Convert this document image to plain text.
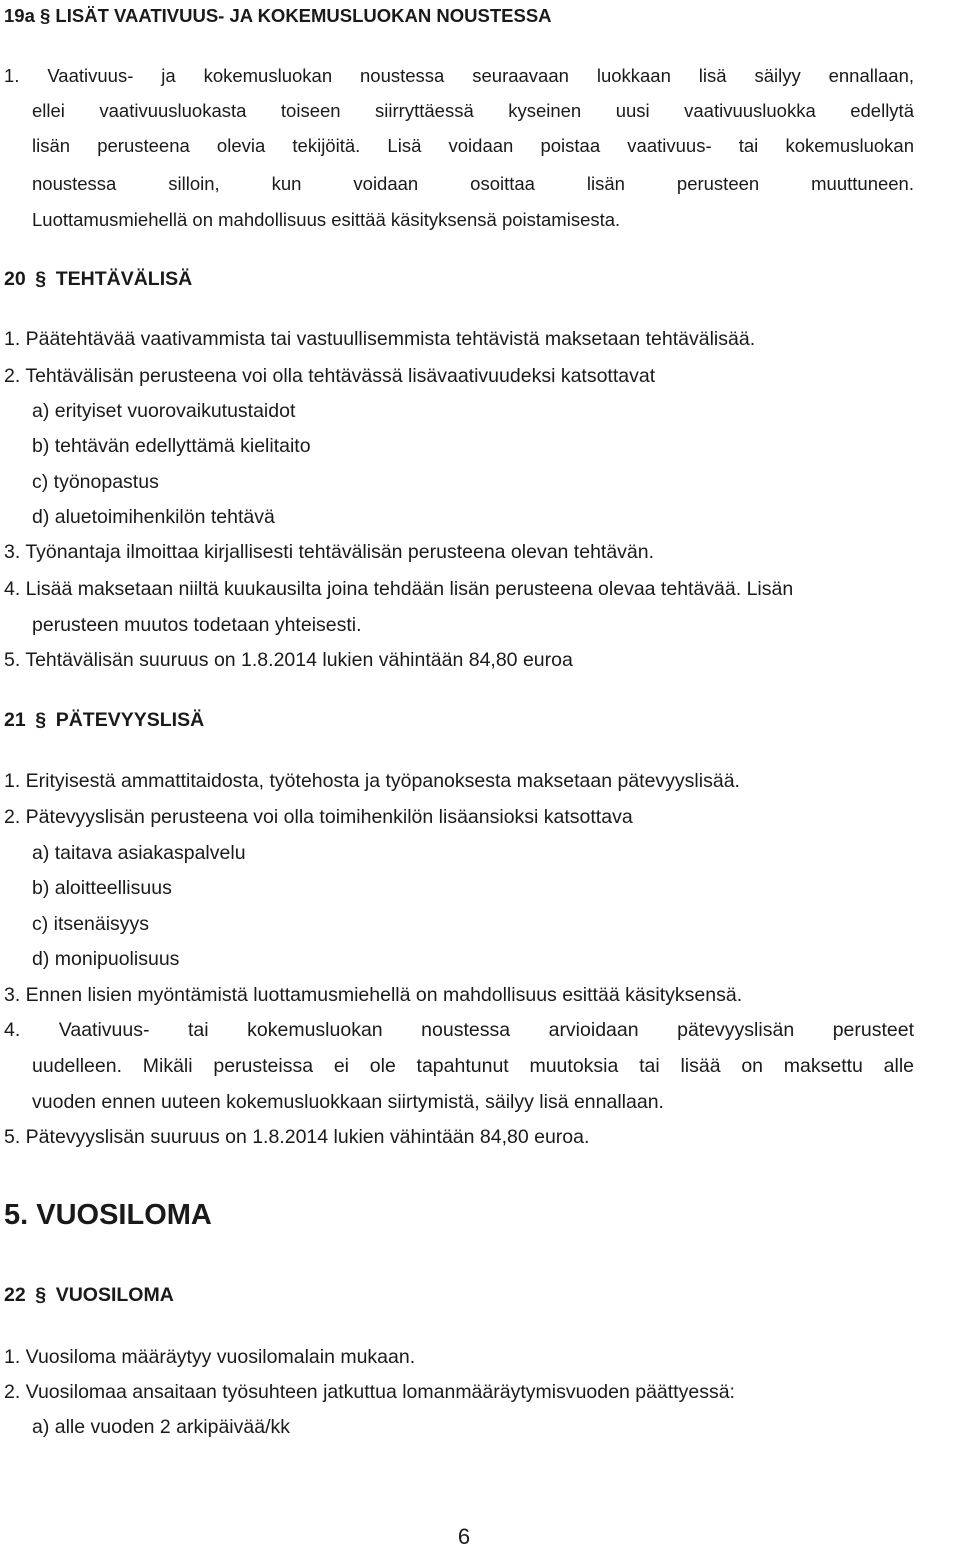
19a § LISÄT VAATIVUUS- JA KOKEMUSLUOKAN NOUSTESSA
1. Vaativuus- ja kokemusluokan noustessa seuraavaan luokkaan lisä säilyy ennallaan,
ellei vaativuusluokasta toiseen siirryttäessä kyseinen uusi vaativuusluokka edellytä
lisän perusteena olevia tekijöitä. Lisä voidaan poistaa vaativuus- tai kokemusluokan
noustessa silloin, kun voidaan osoittaa lisän perusteen muuttuneen.
Luottamusmiehellä on mahdollisuus esittää käsityksensä poistamisesta.
20 § TEHTÄVÄLISÄ
1. Päätehtävää vaativammista tai vastuullisemmista tehtävistä maksetaan tehtävälisää.
2. Tehtävälisän perusteena voi olla tehtävässä lisävaativuudeksi katsottavat
a) erityiset vuorovaikutustaidot
b) tehtävän edellyttämä kielitaito
c) työnopastus
d) aluetoimihenkilön tehtävä
3. Työnantaja ilmoittaa kirjallisesti tehtävälisän perusteena olevan tehtävän.
4. Lisää maksetaan niiltä kuukausilta joina tehdään lisän perusteena olevaa tehtävää. Lisän
perusteen muutos todetaan yhteisesti.
5. Tehtävälisän suuruus on 1.8.2014 lukien vähintään 84,80 euroa
21 § PÄTEVYYSLISÄ
1. Erityisestä ammattitaidosta, työtehosta ja työpanoksesta maksetaan pätevyyslisää.
2. Pätevyyslisän perusteena voi olla toimihenkilön lisäansioksi katsottava
a) taitava asiakaspalvelu
b) aloitteellisuus
c) itsenäisyys
d) monipuolisuus
3. Ennen lisien myöntämistä luottamusmiehellä on mahdollisuus esittää käsityksensä.
4. Vaativuus- tai kokemusluokan noustessa arvioidaan pätevyyslisän perusteet
uudelleen. Mikäli perusteissa ei ole tapahtunut muutoksia tai lisää on maksettu alle
vuoden ennen uuteen kokemusluokkaan siirtymistä, säilyy lisä ennallaan.
5. Pätevyyslisän suuruus on 1.8.2014 lukien vähintään 84,80 euroa.
5. VUOSILOMA
22 § VUOSILOMA
1. Vuosiloma määräytyy vuosilomalain mukaan.
2. Vuosilomaa ansaitaan työsuhteen jatkuttua lomanmääräytymisvuoden päättyessä:
a) alle vuoden 2 arkipäivää/kk
6
